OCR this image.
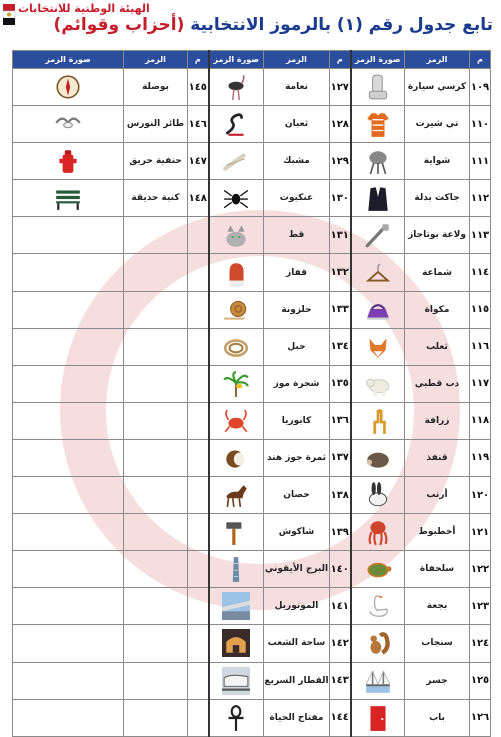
الهيئة الوطنية للانتخابات
تابع جدول رقم (١) بالرموز الانتخابية (أحزاب وقوائم)
م	الرمز	صورة الرمز	م	الرمز	صورة الرمز	م	الرمز	صورة الرمز
١٠٩	كرسي سيارة		١٢٧	نعامة		١٤٥	بوصلة	
١١٠	تي شيرت		١٢٨	ثعبان		١٤٦	طائر النورس	
١١١	شواية		١٢٩	مشبك		١٤٧	حنفية حريق	
١١٢	جاكت بدلة		١٣٠	عنكبوت		١٤٨	كنبة حديقة	
١١٣	ولاعة بوتاجاز		١٣١	قط				
١١٤	شماعة		١٣٢	قفاز				
١١٥	مكواة		١٣٣	حلزونة				
١١٦	ثعلب		١٣٤	حبل				
١١٧	دب قطبي		١٣٥	شجرة موز				
١١٨	زرافة		١٣٦	كابوريا				
١١٩	قنفذ		١٣٧	ثمرة جوز هند				
١٢٠	أرنب		١٣٨	حصان				
١٢١	أخطبوط		١٣٩	شاكوش				
١٢٢	سلحفاة		١٤٠	البرج الأيقوني				
١٢٣	بجعة		١٤١	المونوريل				
١٢٤	سنجاب		١٤٢	ساحة الشعب				
١٢٥	جسر		١٤٣	القطار السريع				
١٢٦	باب		١٤٤	مفتاح الحياة				
